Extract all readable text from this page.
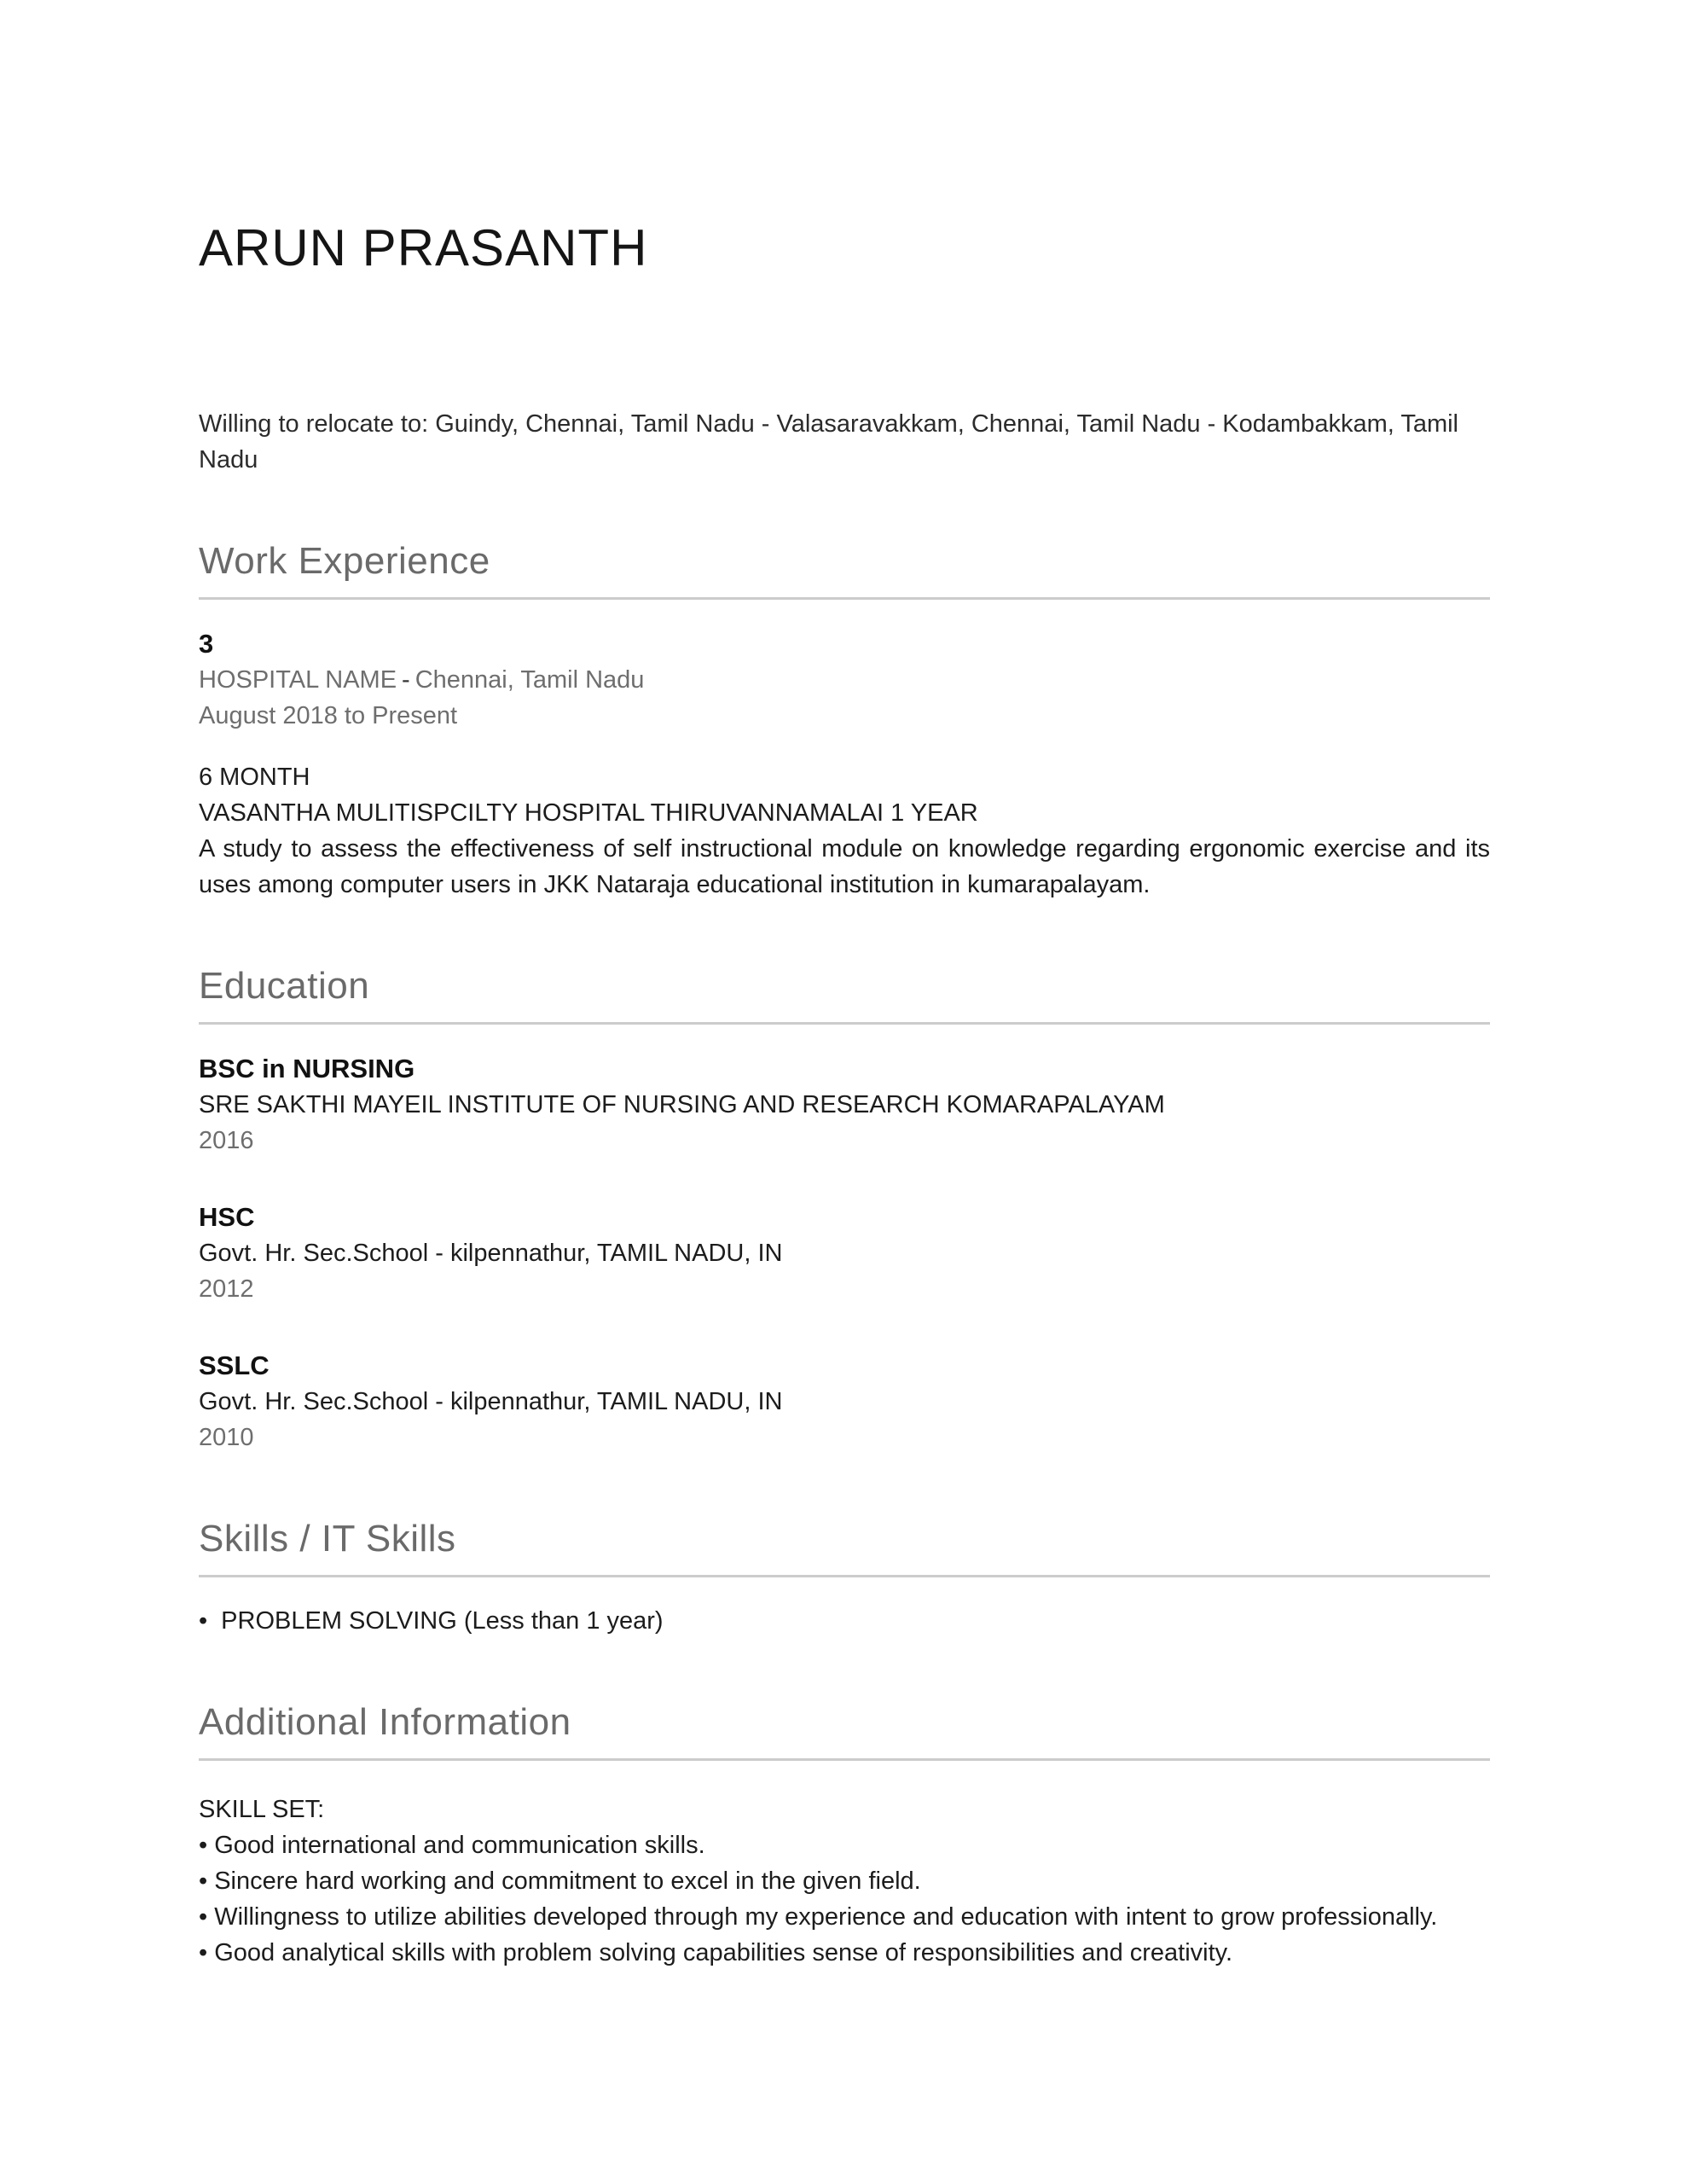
ARUN PRASANTH

Willing to relocate to: Guindy, Chennai, Tamil Nadu - Valasaravakkam, Chennai, Tamil Nadu - Kodambakkam, Tamil Nadu

Work Experience
3
HOSPITAL NAME - Chennai, Tamil Nadu
August 2018 to Present
6 MONTH
VASANTHA MULITISPCILTY HOSPITAL THIRUVANNAMALAI 1 YEAR
A study to assess the effectiveness of self instructional module on knowledge regarding ergonomic exercise and its uses among computer users in JKK Nataraja educational institution in kumarapalayam.
Education
BSC in NURSING
SRE SAKTHI MAYEIL INSTITUTE OF NURSING AND RESEARCH KOMARAPALAYAM
2016
HSC
Govt. Hr. Sec.School - kilpennathur, TAMIL NADU, IN
2012
SSLC
Govt. Hr. Sec.School - kilpennathur, TAMIL NADU, IN
2010
Skills / IT Skills
• PROBLEM SOLVING (Less than 1 year)
Additional Information
SKILL SET:
• Good international and communication skills.
• Sincere hard working and commitment to excel in the given field.
• Willingness to utilize abilities developed through my experience and education with intent to grow professionally.
• Good analytical skills with problem solving capabilities sense of responsibilities and creativity.
